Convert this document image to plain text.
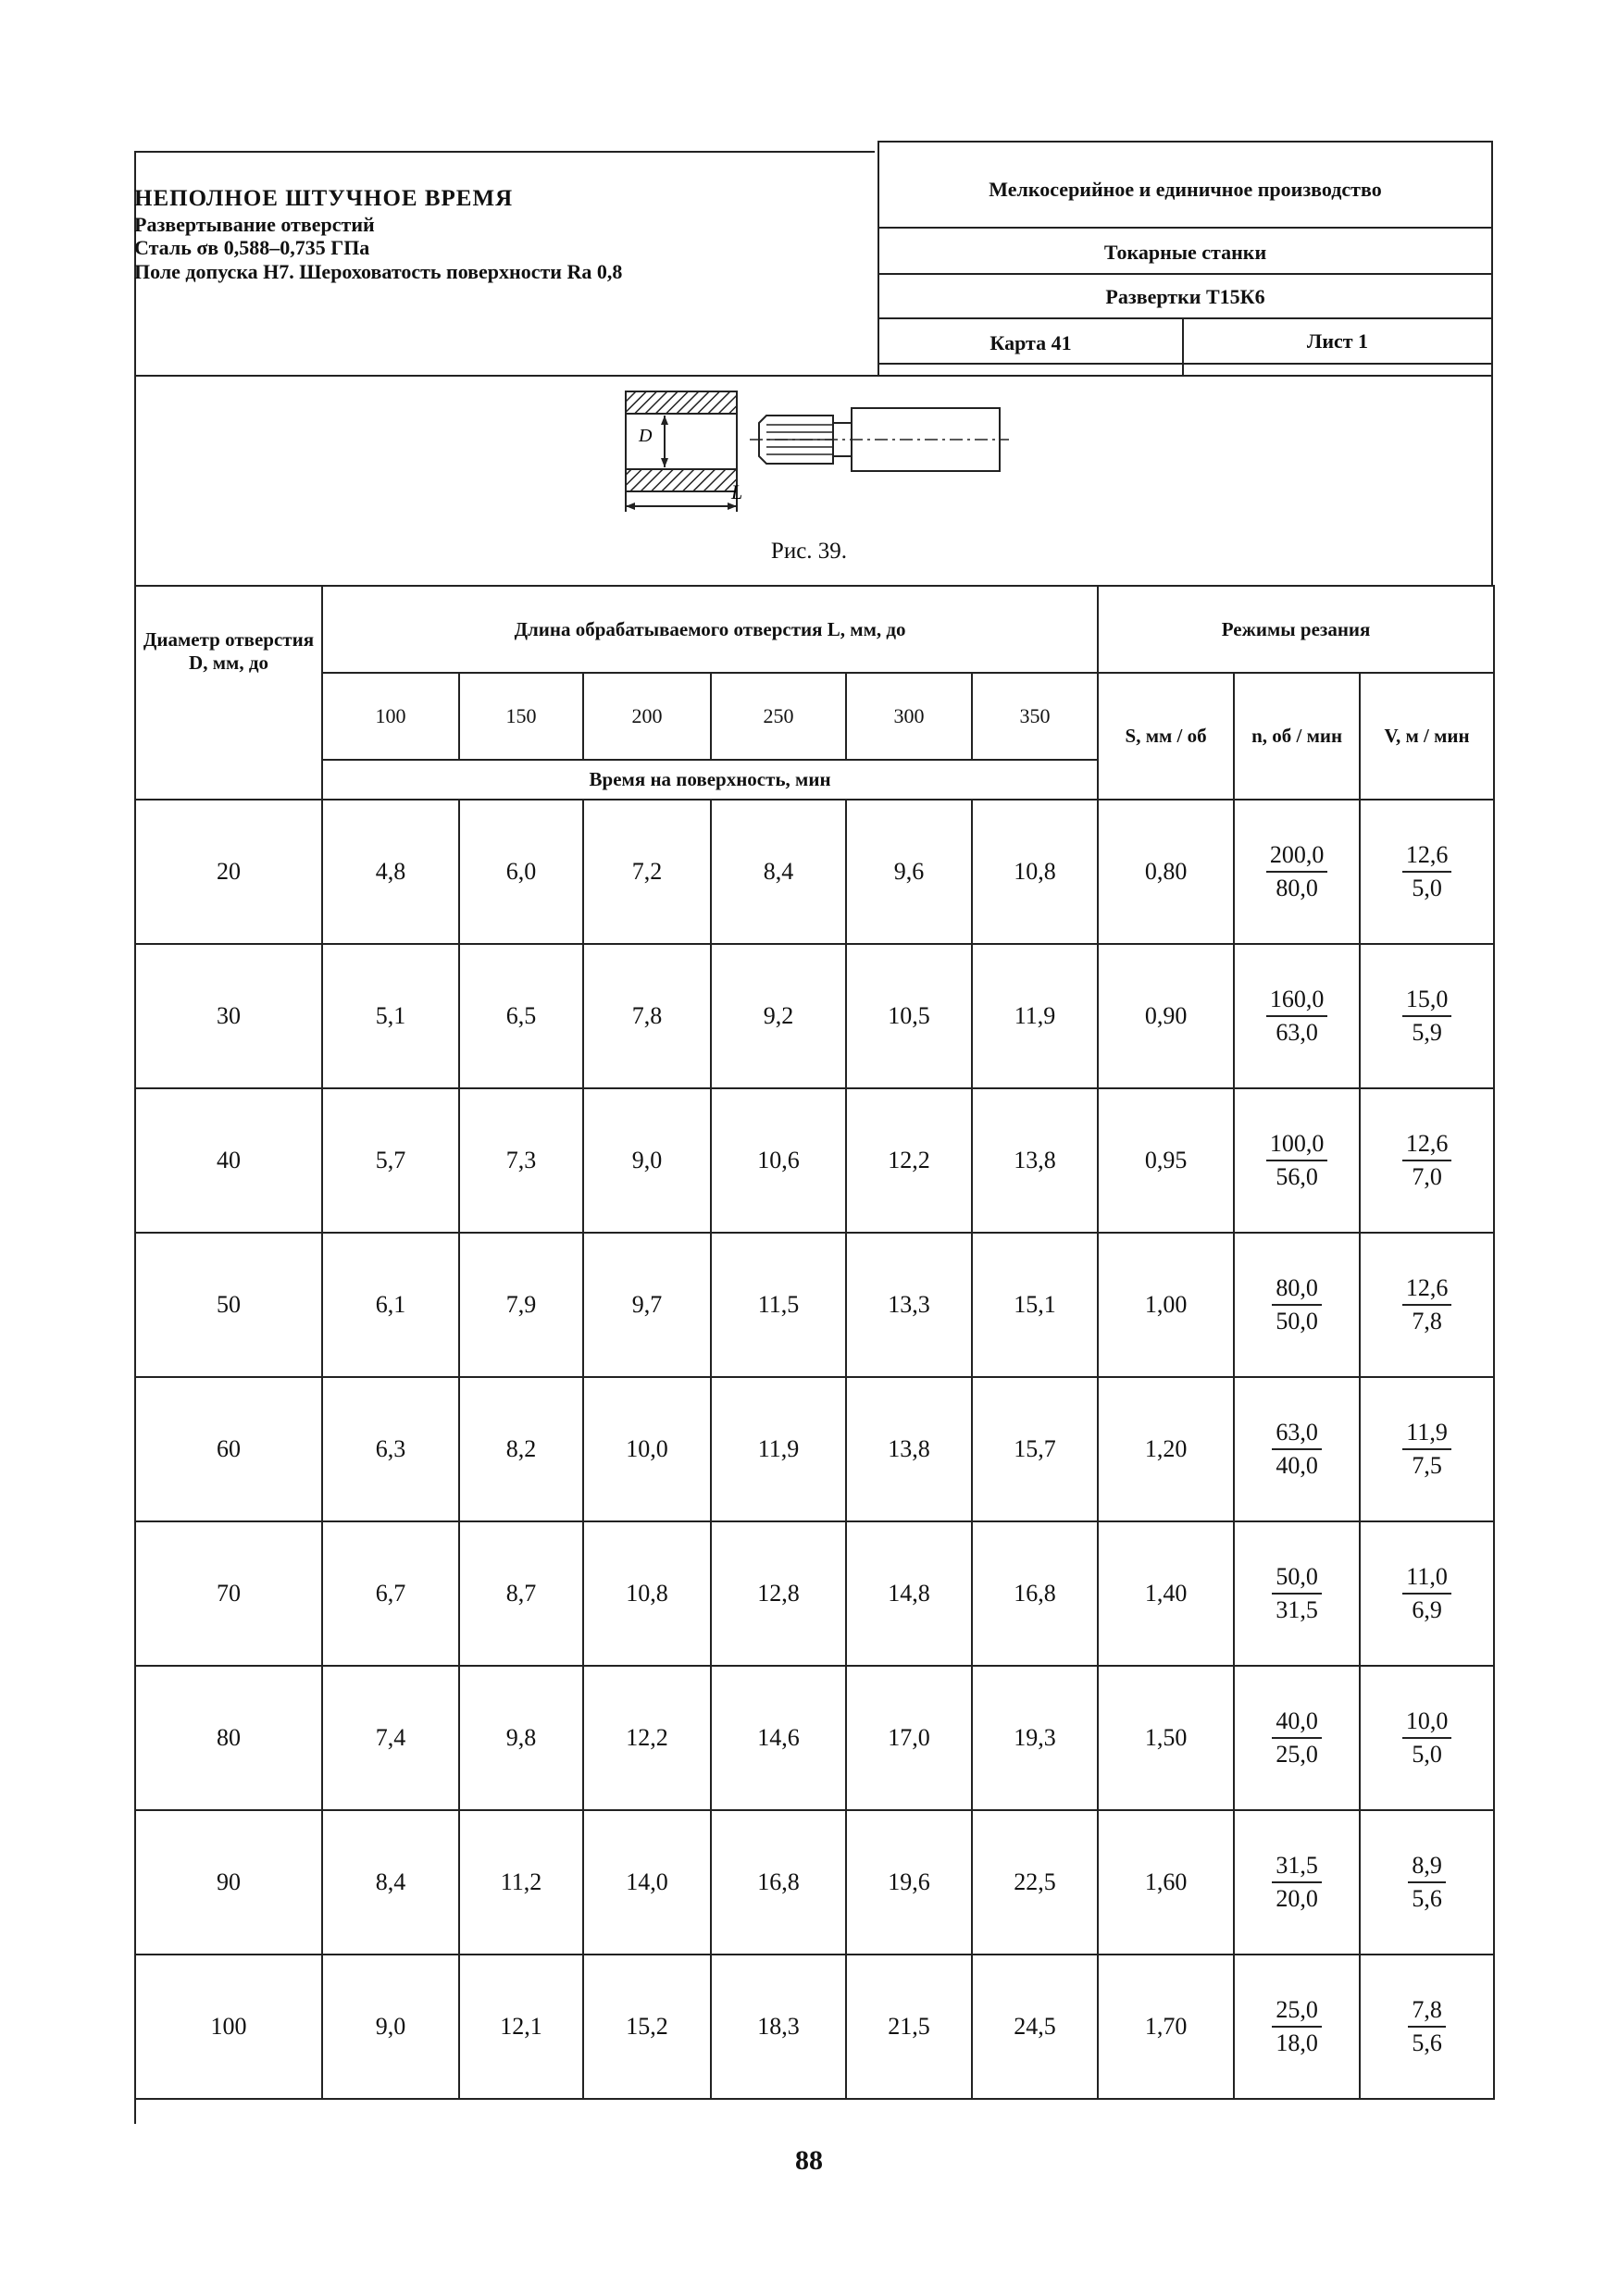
НЕПОЛНОЕ ШТУЧНОЕ ВРЕМЯ
Развертывание отверстий
Сталь σв 0,588–0,735 ГПа
Поле допуска Н7. Шероховатость поверхности Ra 0,8
Мелкосерийное и единичное производство
Токарные станки
Развертки Т15К6
Карта 41	Лист 1
D
L
Рис. 39.
Диаметр отверстия D, мм, до	Длина обрабатываемого отверстия L, мм, до						Режимы резания		
	100	150	200	250	300	350	S, мм / об	n, об / мин	V, м / мин
	Время на поверхность, мин								
20	4,8	6,0	7,2	8,4	9,6	10,8	0,80	$\frac{200,0}{80,0}$	$\frac{12,6}{5,0}$

30	5,1	6,5	7,8	9,2	10,5	11,9	0,90	$\frac{160,0}{63,0}$	$\frac{15,0}{5,9}$

40	5,7	7,3	9,0	10,6	12,2	13,8	0,95	$\frac{100,0}{56,0}$	$\frac{12,6}{7,0}$

50	6,1	7,9	9,7	11,5	13,3	15,1	1,00	$\frac{80,0}{50,0}$	$\frac{12,6}{7,8}$

60	6,3	8,2	10,0	11,9	13,8	15,7	1,20	$\frac{63,0}{40,0}$	$\frac{11,9}{7,5}$

70	6,7	8,7	10,8	12,8	14,8	16,8	1,40	$\frac{50,0}{31,5}$	$\frac{11,0}{6,9}$

80	7,4	9,8	12,2	14,6	17,0	19,3	1,50	$\frac{40,0}{25,0}$	$\frac{10,0}{5,0}$

90	8,4	11,2	14,0	16,8	19,6	22,5	1,60	$\frac{31,5}{20,0}$	$\frac{8,9}{5,6}$

100	9,0	12,1	15,2	18,3	21,5	24,5	1,70	$\frac{25,0}{18,0}$	$\frac{7,8}{5,6}$
88
